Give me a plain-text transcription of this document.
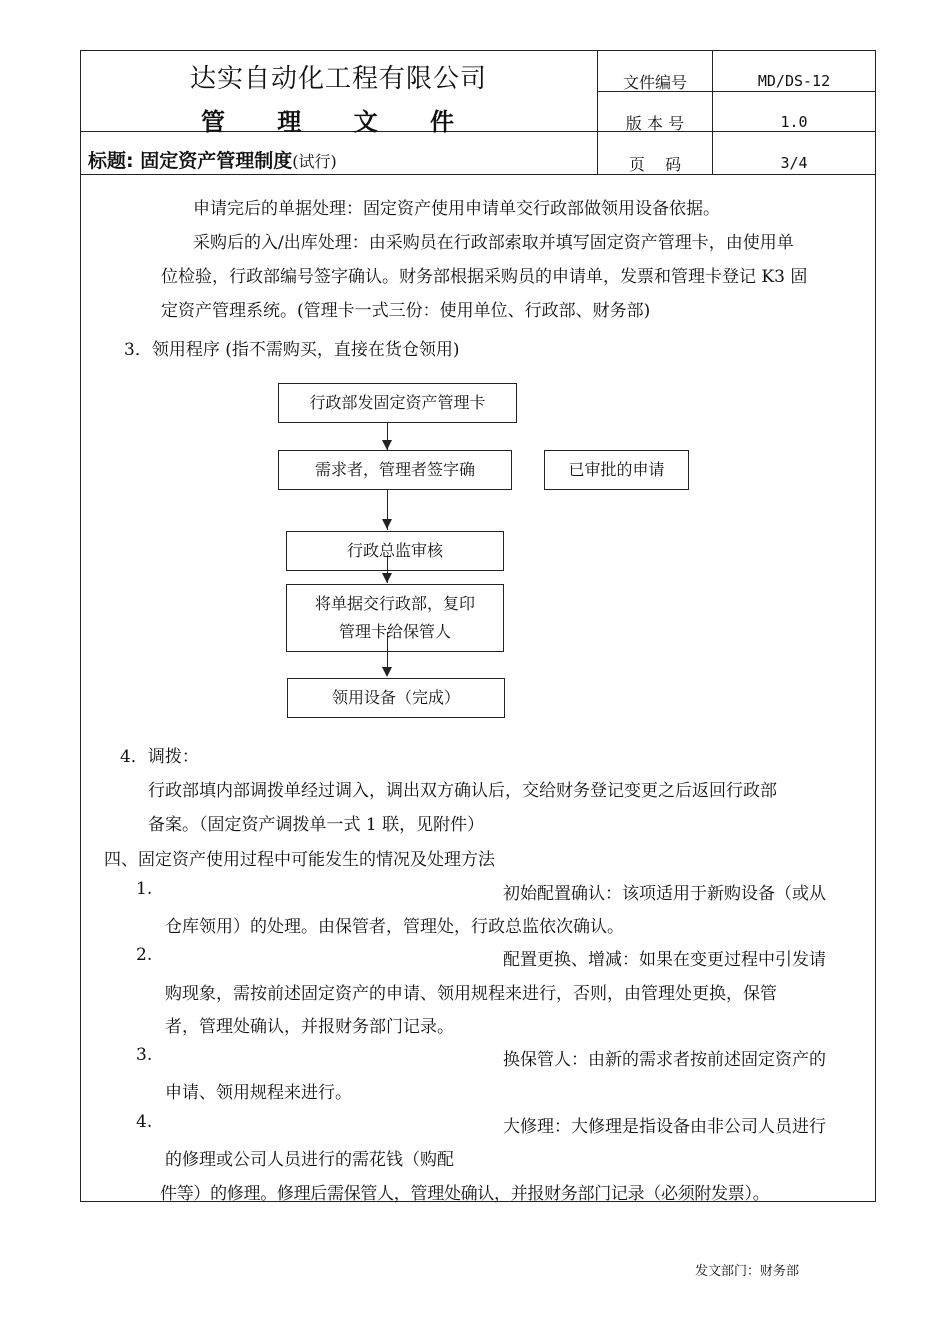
达实自动化工程有限公司
管 理 文 件
标题: 固定资产管理制度(试行)
文件编号	MD/DS-12
版 本 号	1.0
页    码	3/4
申请完后的单据处理：固定资产使用申请单交行政部做领用设备依据。
采购后的入/出库处理：由采购员在行政部索取并填写固定资产管理卡，由使用单
位检验，行政部编号签字确认。财务部根据采购员的申请单，发票和管理卡登记 K3 固
定资产管理系统。(管理卡一式三份：使用单位、行政部、财务部)
3．领用程序 (指不需购买，直接在货仓领用)
行政部发固定资产管理卡
需求者，管理者签字确	已审批的申请
行政总监审核
将单据交行政部，复印
管理卡给保管人
领用设备（完成）
4．调拨：
行政部填内部调拨单经过调入，调出双方确认后，交给财务登记变更之后返回行政部
备案。（固定资产调拨单一式 1 联，见附件）
四、固定资产使用过程中可能发生的情况及处理方法
1.	初始配置确认：该项适用于新购设备（或从
仓库领用）的处理。由保管者，管理处，行政总监依次确认。
2.	配置更换、增减：如果在变更过程中引发请
购现象，需按前述固定资产的申请、领用规程来进行，否则，由管理处更换，保管
者，管理处确认，并报财务部门记录。
3.	换保管人：由新的需求者按前述固定资产的
申请、领用规程来进行。
4.	大修理：大修理是指设备由非公司人员进行
的修理或公司人员进行的需花钱（购配
件等）的修理。修理后需保管人，管理处确认，并报财务部门记录（必须附发票）。
发文部门：财务部
